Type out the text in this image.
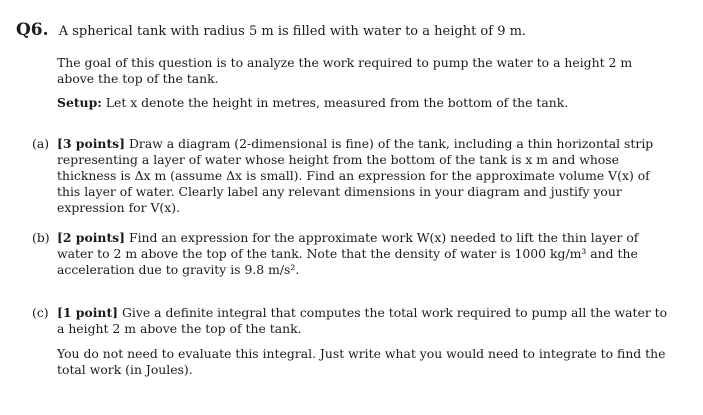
Q6. A spherical tank with radius 5 m is filled with water to a height of 9 m.
The goal of this question is to analyze the work required to pump the water to a height 2 m above the top of the tank.
Setup: Let x denote the height in metres, measured from the bottom of the tank.
(a) [3 points] Draw a diagram (2-dimensional is fine) of the tank, including a thin horizontal strip representing a layer of water whose height from the bottom of the tank is x m and whose thickness is Δx m (assume Δx is small). Find an expression for the approximate volume V(x) of this layer of water. Clearly label any relevant dimensions in your diagram and justify your expression for V(x).
(b) [2 points] Find an expression for the approximate work W(x) needed to lift the thin layer of water to 2 m above the top of the tank. Note that the density of water is 1000 kg/m³ and the acceleration due to gravity is 9.8 m/s².
(c) [1 point] Give a definite integral that computes the total work required to pump all the water to a height 2 m above the top of the tank.
You do not need to evaluate this integral. Just write what you would need to integrate to find the total work (in Joules).
